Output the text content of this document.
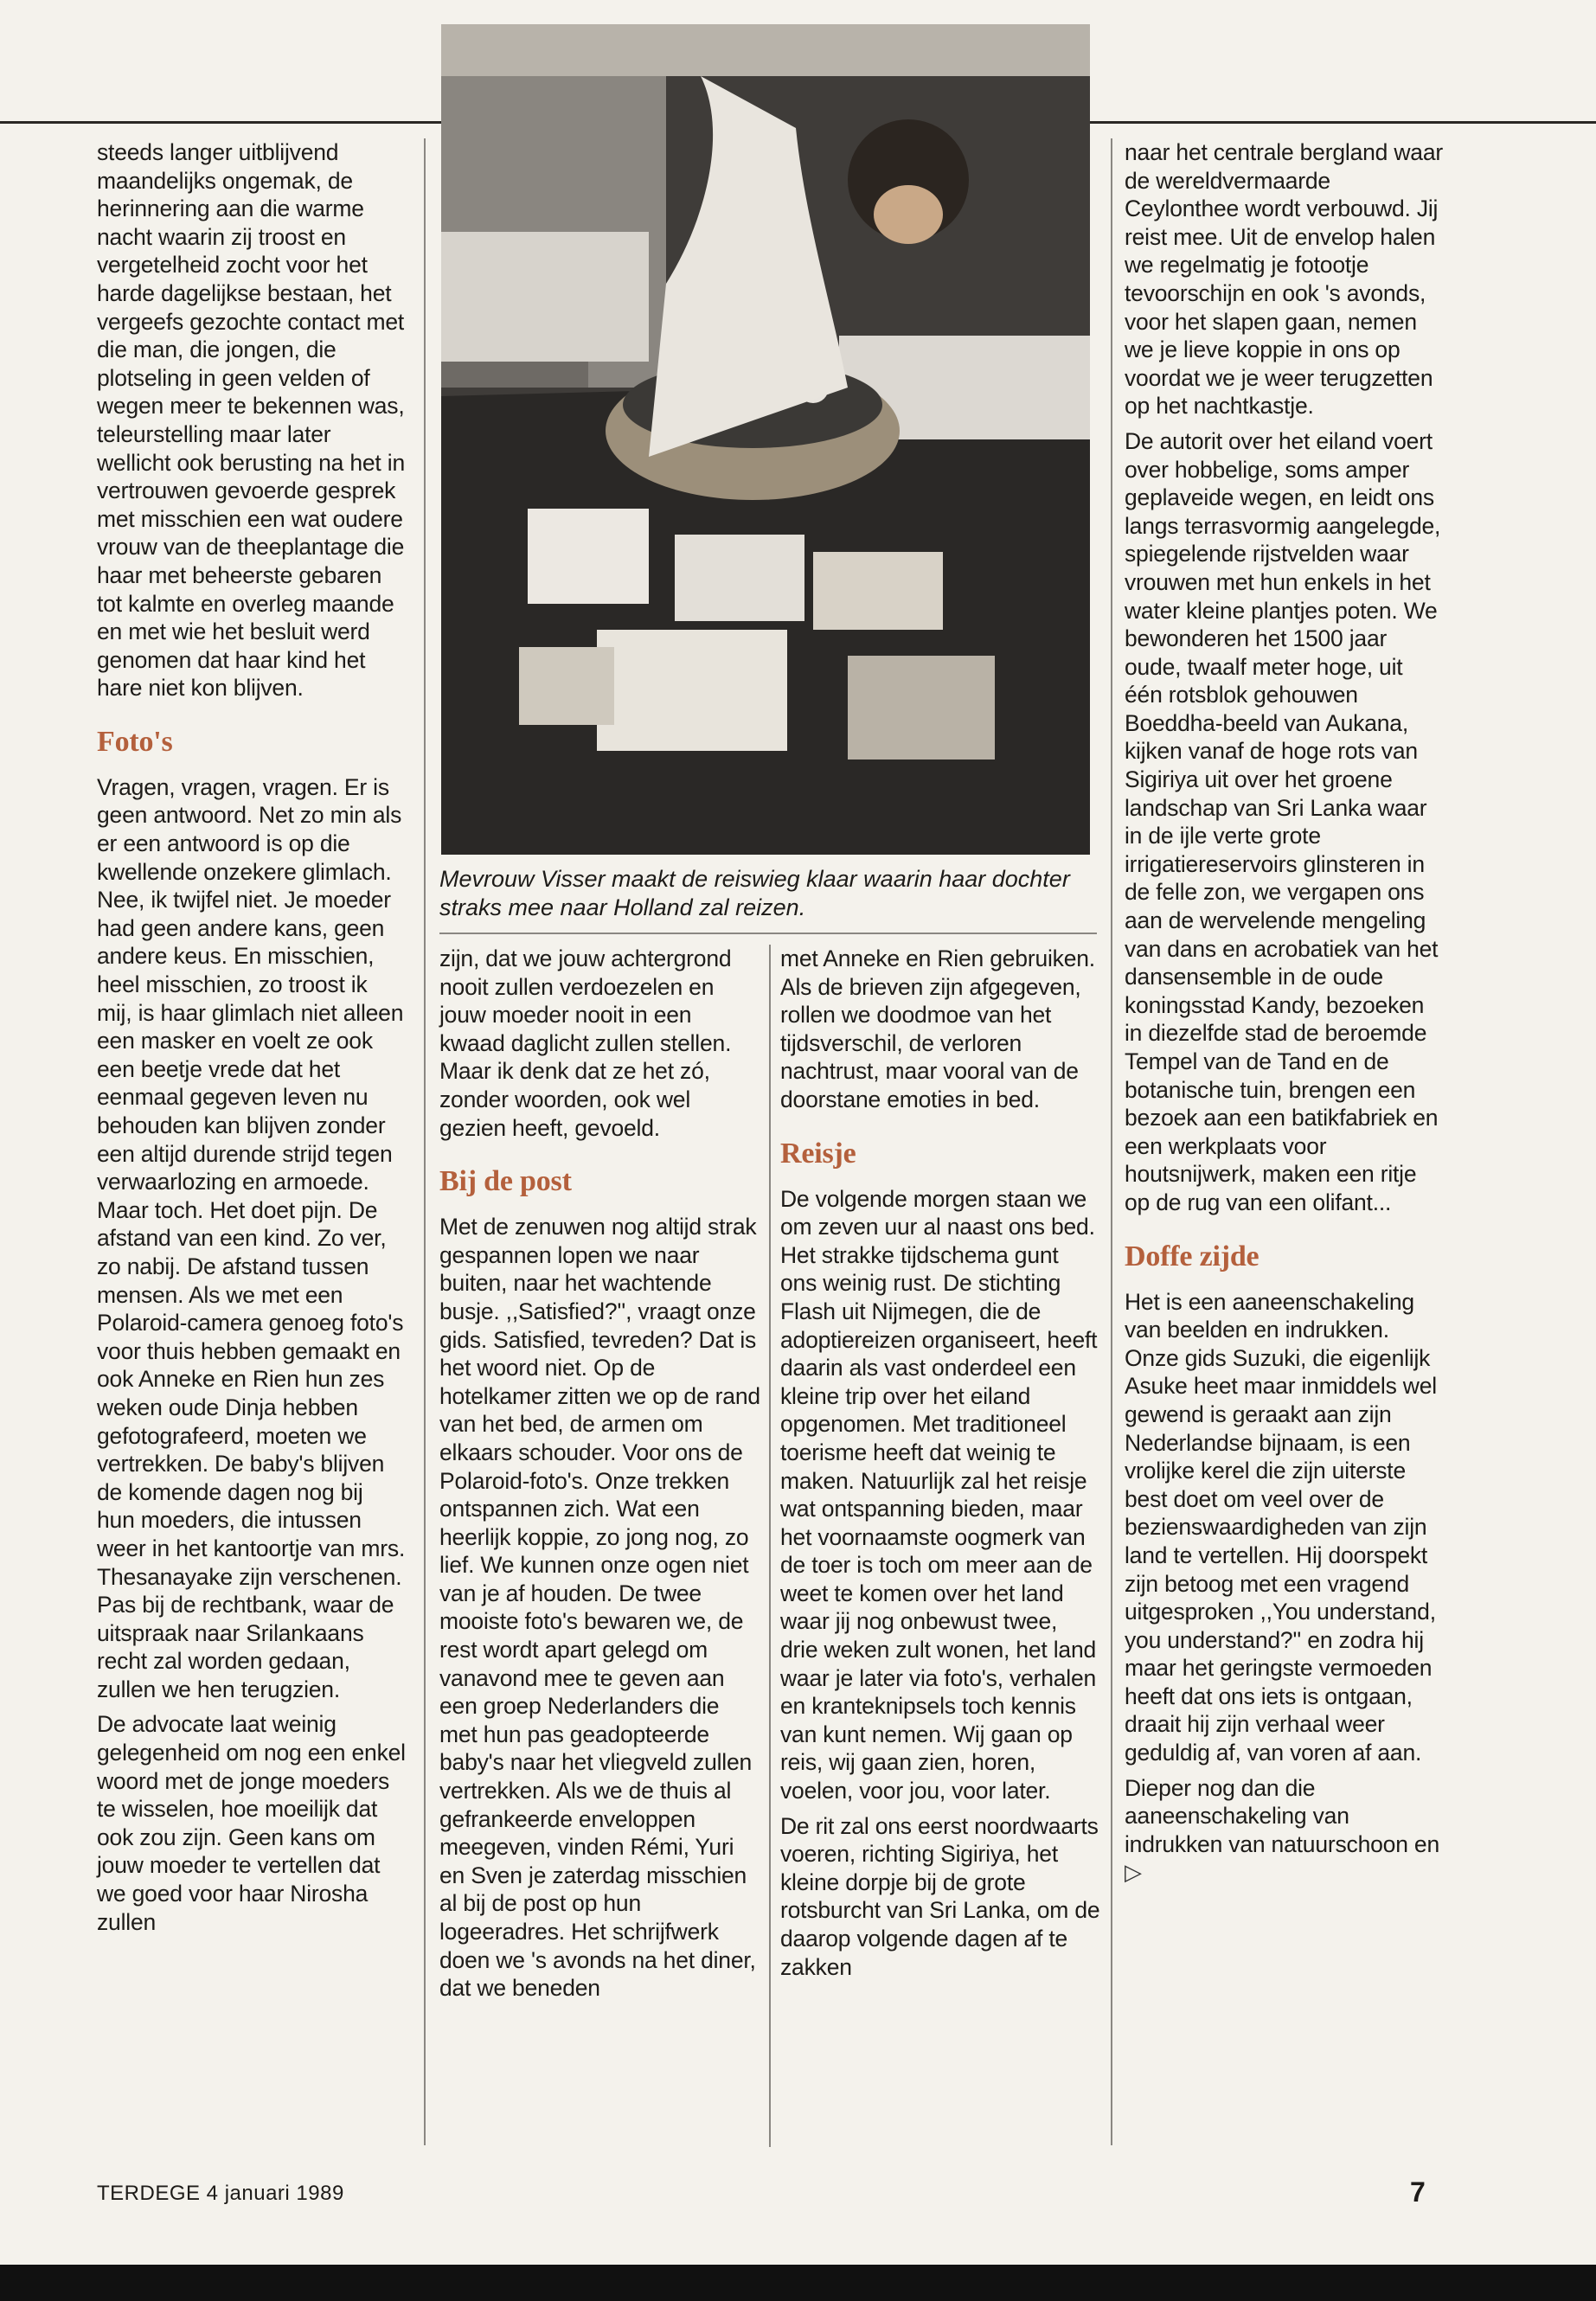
Mevrouw Visser maakt de reiswieg klaar waarin haar dochter straks mee naar Holland zal reizen.

steeds langer uitblijvend maandelijks ongemak, de herinnering aan die warme nacht waarin zij troost en vergetelheid zocht voor het harde dagelijkse bestaan, het vergeefs gezochte contact met die man, die jongen, die plotseling in geen velden of wegen meer te bekennen was, teleurstelling maar later wellicht ook berusting na het in vertrouwen gevoerde gesprek met misschien een wat oudere vrouw van de theeplantage die haar met beheerste gebaren tot kalmte en overleg maande en met wie het besluit werd genomen dat haar kind het hare niet kon blijven.

Foto's

Vragen, vragen, vragen. Er is geen antwoord. Net zo min als er een antwoord is op die kwellende onzekere glimlach. Nee, ik twijfel niet. Je moeder had geen andere kans, geen andere keus. En misschien, heel misschien, zo troost ik mij, is haar glimlach niet alleen een masker en voelt ze ook een beetje vrede dat het eenmaal gegeven leven nu behouden kan blijven zonder een altijd durende strijd tegen verwaarlozing en armoede. Maar toch. Het doet pijn. De afstand van een kind. Zo ver, zo nabij. De afstand tussen mensen. Als we met een Polaroid-camera genoeg foto's voor thuis hebben gemaakt en ook Anneke en Rien hun zes weken oude Dinja hebben gefotografeerd, moeten we vertrekken. De baby's blijven de komende dagen nog bij hun moeders, die intussen weer in het kantoortje van mrs. Thesanayake zijn verschenen. Pas bij de rechtbank, waar de uitspraak naar Srilankaans recht zal worden gedaan, zullen we hen terugzien.

De advocate laat weinig gelegenheid om nog een enkel woord met de jonge moeders te wisselen, hoe moeilijk dat ook zou zijn. Geen kans om jouw moeder te vertellen dat we goed voor haar Nirosha zullen

zijn, dat we jouw achtergrond nooit zullen verdoezelen en jouw moeder nooit in een kwaad daglicht zullen stellen. Maar ik denk dat ze het zó, zonder woorden, ook wel gezien heeft, gevoeld.

Bij de post

Met de zenuwen nog altijd strak gespannen lopen we naar buiten, naar het wachtende busje. ,,Satisfied?'', vraagt onze gids. Satisfied, tevreden? Dat is het woord niet. Op de hotelkamer zitten we op de rand van het bed, de armen om elkaars schouder. Voor ons de Polaroid-foto's. Onze trekken ontspannen zich. Wat een heerlijk koppie, zo jong nog, zo lief. We kunnen onze ogen niet van je af houden. De twee mooiste foto's bewaren we, de rest wordt apart gelegd om vanavond mee te geven aan een groep Nederlanders die met hun pas geadopteerde baby's naar het vliegveld zullen vertrekken. Als we de thuis al gefrankeerde enveloppen meegeven, vinden Rémi, Yuri en Sven je zaterdag misschien al bij de post op hun logeeradres. Het schrijfwerk doen we 's avonds na het diner, dat we beneden

met Anneke en Rien gebruiken. Als de brieven zijn afgegeven, rollen we doodmoe van het tijdsverschil, de verloren nachtrust, maar vooral van de doorstane emoties in bed.

Reisje

De volgende morgen staan we om zeven uur al naast ons bed. Het strakke tijdschema gunt ons weinig rust. De stichting Flash uit Nijmegen, die de adoptiereizen organiseert, heeft daarin als vast onderdeel een kleine trip over het eiland opgenomen. Met traditioneel toerisme heeft dat weinig te maken. Natuurlijk zal het reisje wat ontspanning bieden, maar het voornaamste oogmerk van de toer is toch om meer aan de weet te komen over het land waar jij nog onbewust twee, drie weken zult wonen, het land waar je later via foto's, verhalen en kranteknipsels toch kennis van kunt nemen. Wij gaan op reis, wij gaan zien, horen, voelen, voor jou, voor later.

De rit zal ons eerst noordwaarts voeren, richting Sigiriya, het kleine dorpje bij de grote rotsburcht van Sri Lanka, om de daarop volgende dagen af te zakken

naar het centrale bergland waar de wereldvermaarde Ceylonthee wordt verbouwd. Jij reist mee. Uit de envelop halen we regelmatig je fotootje tevoorschijn en ook 's avonds, voor het slapen gaan, nemen we je lieve koppie in ons op voordat we je weer terugzetten op het nachtkastje.

De autorit over het eiland voert over hobbelige, soms amper geplaveide wegen, en leidt ons langs terrasvormig aangelegde, spiegelende rijstvelden waar vrouwen met hun enkels in het water kleine plantjes poten. We bewonderen het 1500 jaar oude, twaalf meter hoge, uit één rotsblok gehouwen Boeddha-beeld van Aukana, kijken vanaf de hoge rots van Sigiriya uit over het groene landschap van Sri Lanka waar in de ijle verte grote irrigatiereservoirs glinsteren in de felle zon, we vergapen ons aan de wervelende mengeling van dans en acrobatiek van het dansensemble in de oude koningsstad Kandy, bezoeken in diezelfde stad de beroemde Tempel van de Tand en de botanische tuin, brengen een bezoek aan een batikfabriek en een werkplaats voor houtsnijwerk, maken een ritje op de rug van een olifant...

Doffe zijde

Het is een aaneenschakeling van beelden en indrukken. Onze gids Suzuki, die eigenlijk Asuke heet maar inmiddels wel gewend is geraakt aan zijn Nederlandse bijnaam, is een vrolijke kerel die zijn uiterste best doet om veel over de bezienswaardigheden van zijn land te vertellen. Hij doorspekt zijn betoog met een vragend uitgesproken ,,You understand, you understand?'' en zodra hij maar het geringste vermoeden heeft dat ons iets is ontgaan, draait hij zijn verhaal weer geduldig af, van voren af aan.

Dieper nog dan die aaneenschakeling van indrukken van natuurschoon en ▷

TERDEGE 4 januari 1989	7
